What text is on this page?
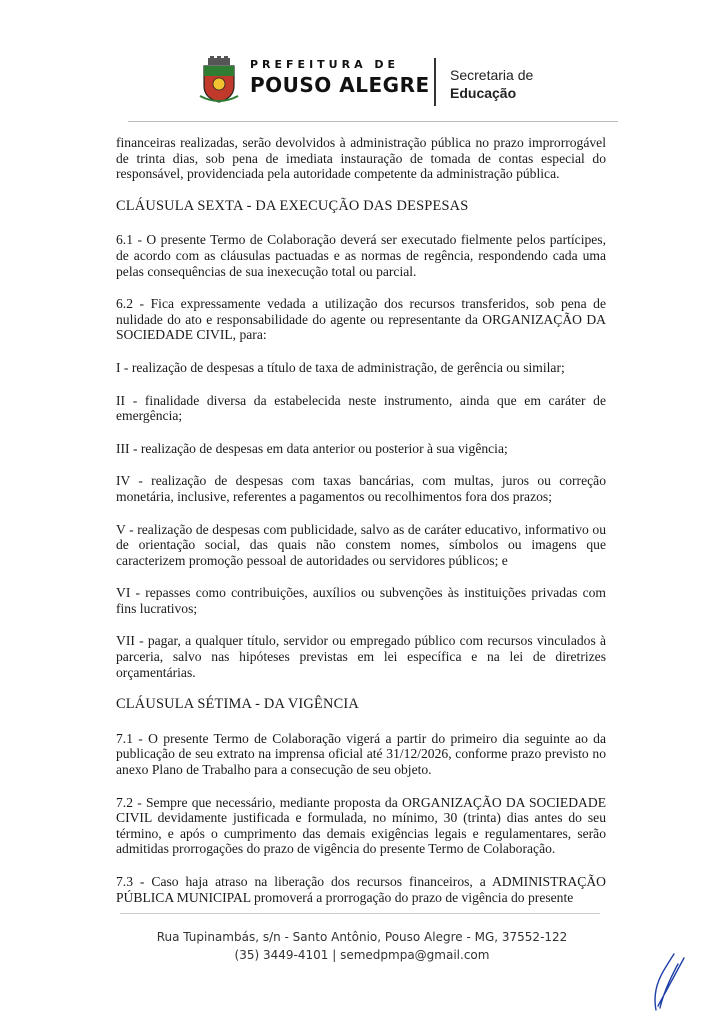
PREFEITURA DE
POUSO ALEGRE Secretaria de
Educação

financeiras realizadas, serão devolvidos à administração pública no prazo improrrogável de trinta dias, sob pena de imediata instauração de tomada de contas especial do responsável, providenciada pela autoridade competente da administração pública.

CLÁUSULA SEXTA - DA EXECUÇÃO DAS DESPESAS

6.1 - O presente Termo de Colaboração deverá ser executado fielmente pelos partícipes, de acordo com as cláusulas pactuadas e as normas de regência, respondendo cada uma pelas consequências de sua inexecução total ou parcial.

6.2 - Fica expressamente vedada a utilização dos recursos transferidos, sob pena de nulidade do ato e responsabilidade do agente ou representante da ORGANIZAÇÃO DA SOCIEDADE CIVIL, para:

I - realização de despesas a título de taxa de administração, de gerência ou similar;

II - finalidade diversa da estabelecida neste instrumento, ainda que em caráter de emergência;

III - realização de despesas em data anterior ou posterior à sua vigência;

IV - realização de despesas com taxas bancárias, com multas, juros ou correção monetária, inclusive, referentes a pagamentos ou recolhimentos fora dos prazos;

V - realização de despesas com publicidade, salvo as de caráter educativo, informativo ou de orientação social, das quais não constem nomes, símbolos ou imagens que caracterizem promoção pessoal de autoridades ou servidores públicos; e

VI - repasses como contribuições, auxílios ou subvenções às instituições privadas com fins lucrativos;

VII - pagar, a qualquer título, servidor ou empregado público com recursos vinculados à parceria, salvo nas hipóteses previstas em lei específica e na lei de diretrizes orçamentárias.

CLÁUSULA SÉTIMA - DA VIGÊNCIA

7.1 - O presente Termo de Colaboração vigerá a partir do primeiro dia seguinte ao da publicação de seu extrato na imprensa oficial até 31/12/2026, conforme prazo previsto no anexo Plano de Trabalho para a consecução de seu objeto.

7.2 - Sempre que necessário, mediante proposta da ORGANIZAÇÃO DA SOCIEDADE CIVIL devidamente justificada e formulada, no mínimo, 30 (trinta) dias antes do seu término, e após o cumprimento das demais exigências legais e regulamentares, serão admitidas prorrogações do prazo de vigência do presente Termo de Colaboração.

7.3 - Caso haja atraso na liberação dos recursos financeiros, a ADMINISTRAÇÃO PÚBLICA MUNICIPAL promoverá a prorrogação do prazo de vigência do presente

Rua Tupinambás, s/n - Santo Antônio, Pouso Alegre - MG, 37552-122
(35) 3449-4101 | semedpmpa@gmail.com
